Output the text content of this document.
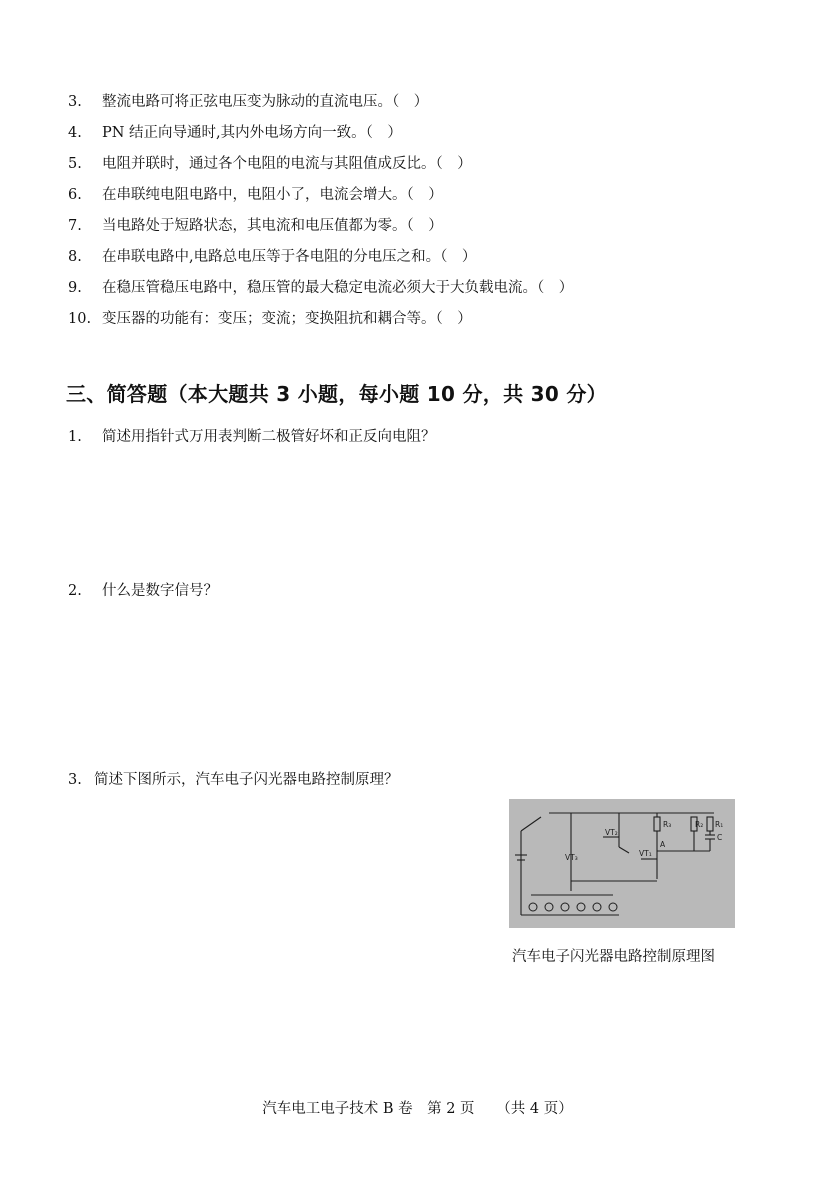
3. 整流电路可将正弦电压变为脉动的直流电压。（　）
4. PN 结正向导通时,其内外电场方向一致。（　）
5. 电阻并联时，通过各个电阻的电流与其阻值成反比。（　）
6. 在串联纯电阻电路中，电阻小了，电流会增大。（　）
7. 当电路处于短路状态，其电流和电压值都为零。（　）
8. 在串联电路中,电路总电压等于各电阻的分电压之和。（　）
9. 在稳压管稳压电路中，稳压管的最大稳定电流必须大于大负载电流。（　）
10. 变压器的功能有：变压；变流；变换阻抗和耦合等。（　）
三、简答题（本大题共 3 小题，每小题 10 分，共 30 分）
1. 简述用指针式万用表判断二极管好坏和正反向电阻？
2. 什么是数字信号？
3. 简述下图所示，汽车电子闪光器电路控制原理？
VT₂
VT₃	VT₁
R₃	R₂ R₁
C
A
汽车电子闪光器电路控制原理图
汽车电工电子技术 B 卷　第 2 页　　（共 4 页）
